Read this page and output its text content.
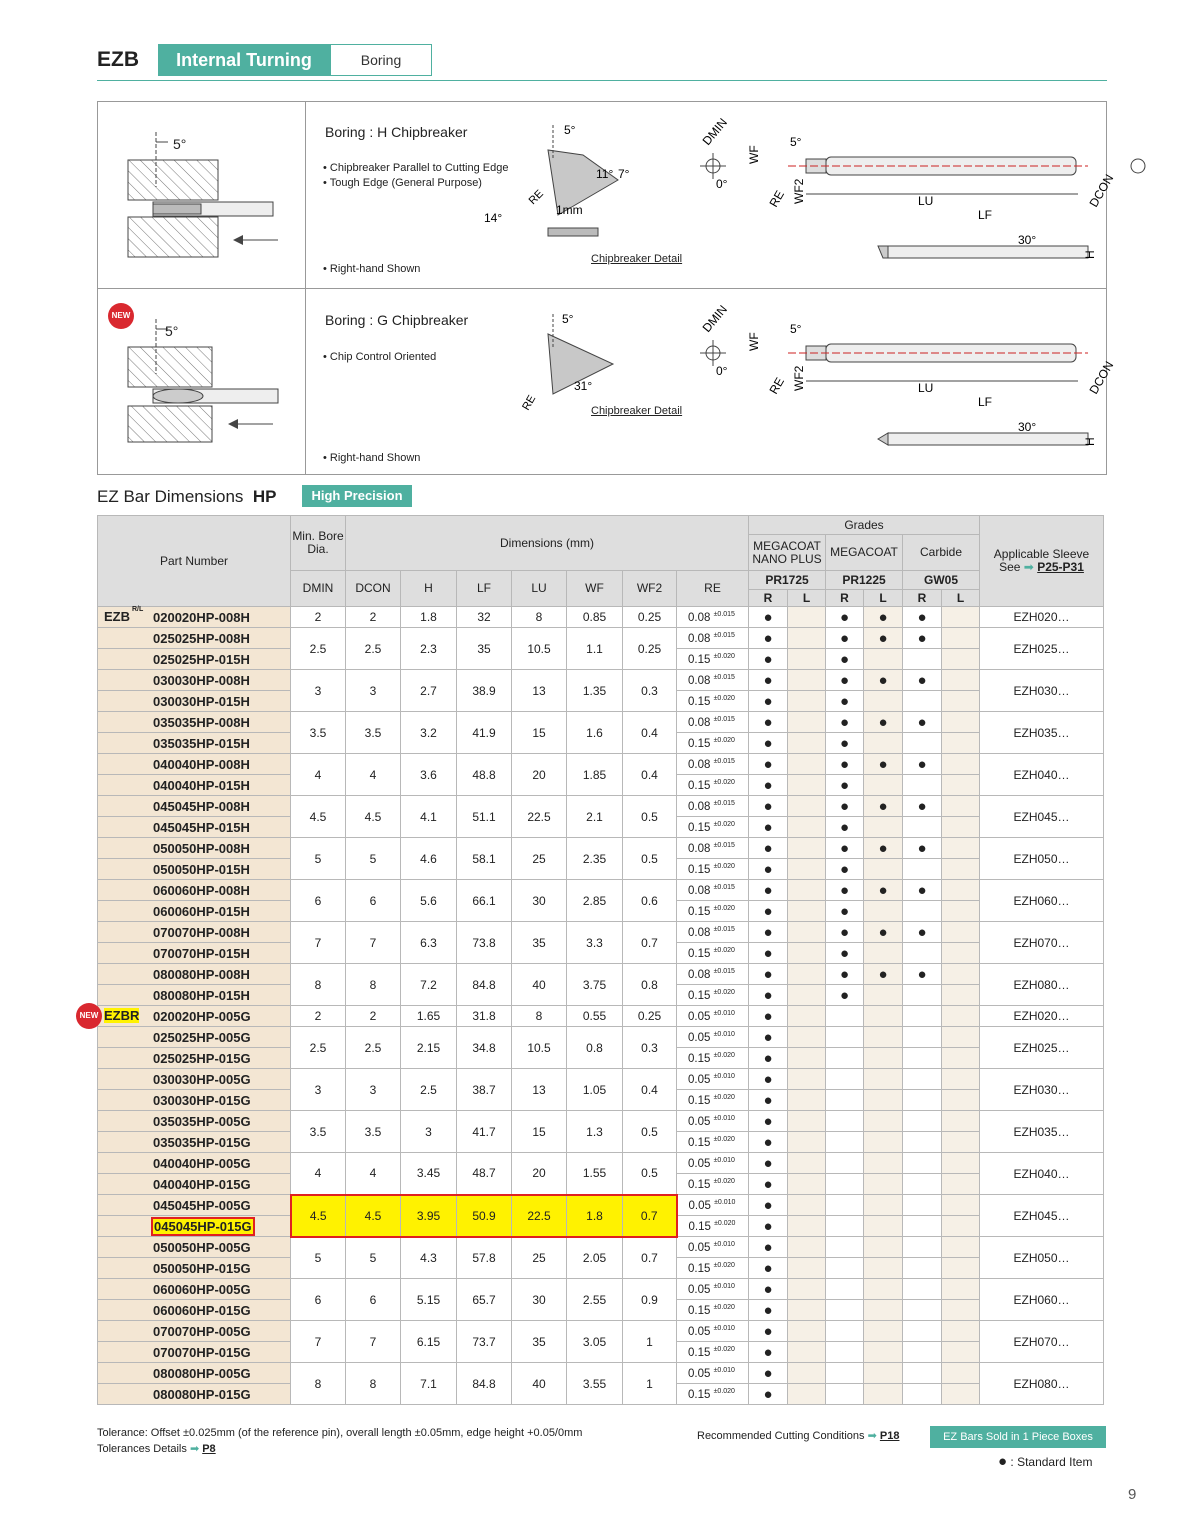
EZB	Internal Turning	Boring
5°
Boring : H Chipbreaker
• Chipbreaker Parallel to Cutting Edge
• Tough Edge (General Purpose)
• Right-hand Shown
5°
11° 7°
RE
1mm
14°
Chipbreaker Detail
DMIN
0°
WF
5°
RE WF2	LU
LF
DCON
30°
H
NEW
5°
Boring : G Chipbreaker
• Chip Control Oriented
• Right-hand Shown
5°
31°
RE	Chipbreaker Detail
DMIN
0°
WF
5°
RE WF2	LU
LF
DCON
30°
H
EZ Bar Dimensions HP	High Precision
Part Number	Min. Bore Dia.	Dimensions (mm)							Grades						Applicable Sleeve
See ➡ P25-P31
									MEGACOAT NANO PLUS		MEGACOAT		Carbide		
	DMIN	DCON	H	LF	LU	WF	WF2	RE	PR1725		PR1225		GW05		
									R	L	R	L	R	L	

EZB R/L 020020HP-008H	2	2	1.8	32	8	0.85	0.25	0.08 $^{\pm 0.015}$	●		●	●	●		EZH020…
025025HP-008H	2.5	2.5	2.3	35	10.5	1.1	0.25	0.08 $^{\pm 0.015}$	●		●	●	●		EZH025…
025025HP-015H								0.15 $^{\pm 0.020}$	●		●				
030030HP-008H	3	3	2.7	38.9	13	1.35	0.3	0.08 $^{\pm 0.015}$	●		●	●	●		EZH030…
030030HP-015H								0.15 $^{\pm 0.020}$	●		●				
035035HP-008H	3.5	3.5	3.2	41.9	15	1.6	0.4	0.08 $^{\pm 0.015}$	●		●	●	●		EZH035…
035035HP-015H								0.15 $^{\pm 0.020}$	●		●				
040040HP-008H	4	4	3.6	48.8	20	1.85	0.4	0.08 $^{\pm 0.015}$	●		●	●	●		EZH040…
040040HP-015H								0.15 $^{\pm 0.020}$	●		●				
045045HP-008H	4.5	4.5	4.1	51.1	22.5	2.1	0.5	0.08 $^{\pm 0.015}$	●		●	●	●		EZH045…
045045HP-015H								0.15 $^{\pm 0.020}$	●		●				
050050HP-008H	5	5	4.6	58.1	25	2.35	0.5	0.08 $^{\pm 0.015}$	●		●	●	●		EZH050…
050050HP-015H								0.15 $^{\pm 0.020}$	●		●				
060060HP-008H	6	6	5.6	66.1	30	2.85	0.6	0.08 $^{\pm 0.015}$	●		●	●	●		EZH060…
060060HP-015H								0.15 $^{\pm 0.020}$	●		●				
070070HP-008H	7	7	6.3	73.8	35	3.3	0.7	0.08 $^{\pm 0.015}$	●		●	●	●		EZH070…
070070HP-015H								0.15 $^{\pm 0.020}$	●		●				
080080HP-008H	8	8	7.2	84.8	40	3.75	0.8	0.08 $^{\pm 0.015}$	●		●	●	●		EZH080…
080080HP-015H								0.15 $^{\pm 0.020}$	●		●				

NEW EZBR 020020HP-005G	2	2	1.65	31.8	8	0.55	0.25	0.05 $^{\pm 0.010}$	●						EZH020…
025025HP-005G	2.5	2.5	2.15	34.8	10.5	0.8	0.3	0.05 $^{\pm 0.010}$	●						EZH025…
025025HP-015G								0.15 $^{\pm 0.020}$	●						
030030HP-005G	3	3	2.5	38.7	13	1.05	0.4	0.05 $^{\pm 0.010}$	●						EZH030…
030030HP-015G								0.15 $^{\pm 0.020}$	●						
035035HP-005G	3.5	3.5	3	41.7	15	1.3	0.5	0.05 $^{\pm 0.010}$	●						EZH035…
035035HP-015G								0.15 $^{\pm 0.020}$	●						
040040HP-005G	4	4	3.45	48.7	20	1.55	0.5	0.05 $^{\pm 0.010}$	●						EZH040…
040040HP-015G								0.15 $^{\pm 0.020}$	●						
045045HP-005G	4.5	4.5	3.95	50.9	22.5	1.8	0.7	0.05 $^{\pm 0.010}$	●						EZH045…
045045HP-015G								0.15 $^{\pm 0.020}$	●						
050050HP-005G	5	5	4.3	57.8	25	2.05	0.7	0.05 $^{\pm 0.010}$	●						EZH050…
050050HP-015G								0.15 $^{\pm 0.020}$	●						
060060HP-005G	6	6	5.15	65.7	30	2.55	0.9	0.05 $^{\pm 0.010}$	●						EZH060…
060060HP-015G								0.15 $^{\pm 0.020}$	●						
070070HP-005G	7	7	6.15	73.7	35	3.05	1	0.05 $^{\pm 0.010}$	●						EZH070…
070070HP-015G								0.15 $^{\pm 0.020}$	●						
080080HP-005G	8	8	7.1	84.8	40	3.55	1	0.05 $^{\pm 0.010}$	●						EZH080…
080080HP-015G								0.15 $^{\pm 0.020}$	●						
Tolerance: Offset ±0.025mm (of the reference pin), overall length ±0.05mm, edge height +0.05/0mm
Tolerances Details ➡ P8
Recommended Cutting Conditions ➡ P18	EZ Bars Sold in 1 Piece Boxes
● : Standard Item
9
